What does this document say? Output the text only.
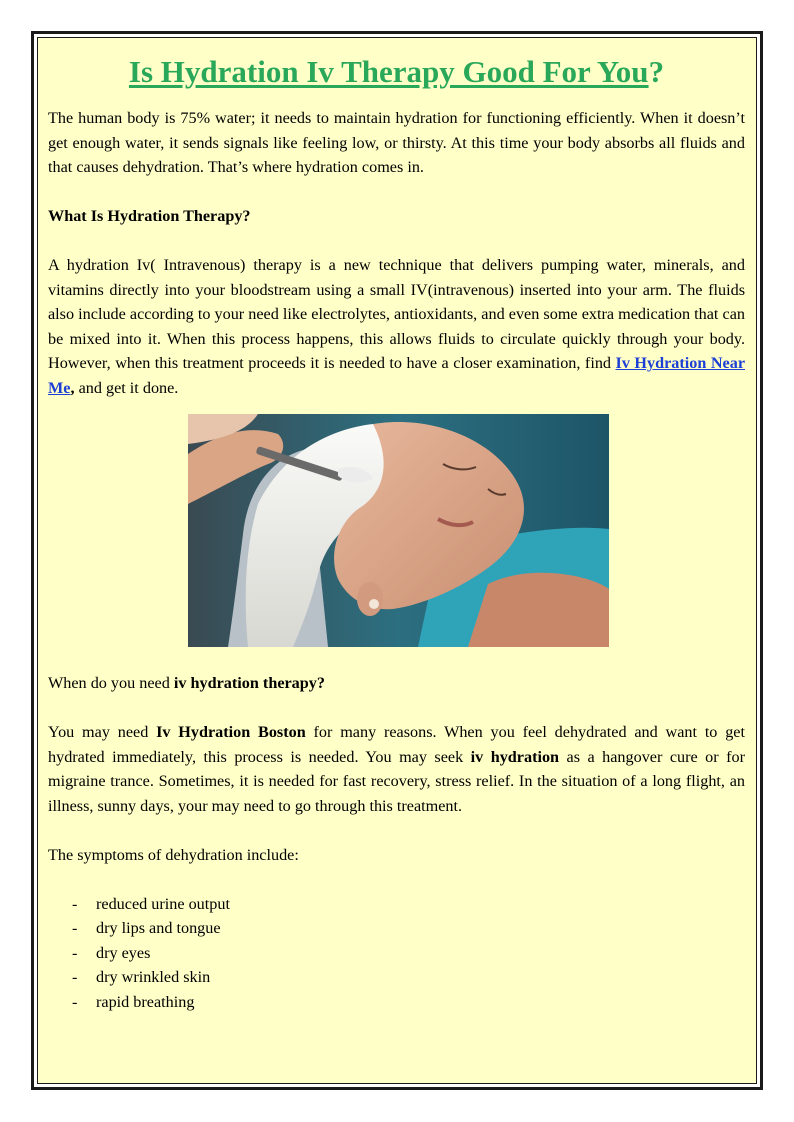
Is Hydration Iv Therapy Good For You?

The human body is 75% water; it needs to maintain hydration for functioning efficiently. When it doesn’t get enough water, it sends signals like feeling low, or thirsty. At this time your body absorbs all fluids and that causes dehydration. That’s where hydration comes in.

What Is Hydration Therapy?

A hydration Iv( Intravenous) therapy is a new technique that delivers pumping water, minerals, and vitamins directly into your bloodstream using a small IV(intravenous) inserted into your arm. The fluids also include according to your need like electrolytes, antioxidants, and even some extra medication that can be mixed into it. When this process happens, this allows fluids to circulate quickly through your body. However, when this treatment proceeds it is needed to have a closer examination, find Iv Hydration Near Me, and get it done.

When do you need iv hydration therapy?

You may need Iv Hydration Boston for many reasons. When you feel dehydrated and want to get hydrated immediately, this process is needed. You may seek iv hydration as a hangover cure or for migraine trance. Sometimes, it is needed for fast recovery, stress relief. In the situation of a long flight, an illness, sunny days, your may need to go through this treatment.

The symptoms of dehydration include:

-	reduced urine output
-	dry lips and tongue
-	dry eyes
-	dry wrinkled skin
-	rapid breathing
